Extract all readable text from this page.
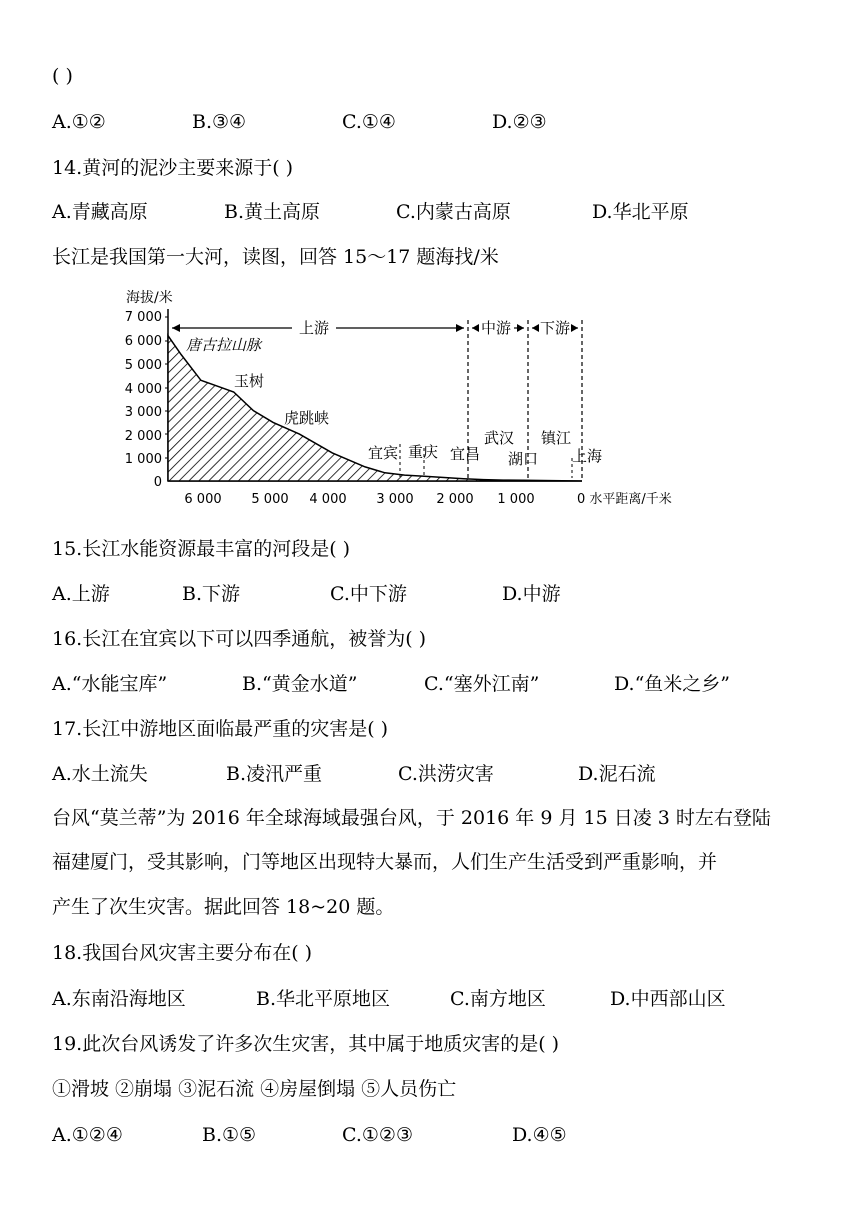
( )
A.①②	B.③④	C.①④	D.②③
14.黄河的泥沙主要来源于( )
A.青藏高原	B.黄土高原	C.内蒙古高原	D.华北平原
长江是我国第一大河，读图，回答 15～17 题海找/米
海拔/米
7 000
6 000
5 000
4 000
3 000
2 000
1 000
0
6 000 5 000 4 000 3 000 2 000 1 000	0 水平距离/千米
上游	中游 下游
唐古拉山脉
玉树
虎跳峡
宜宾 重庆 宜昌
武汉
湖口
镇江
上海
15.长江水能资源最丰富的河段是( )
A.上游	B.下游	C.中下游	D.中游
16.长江在宜宾以下可以四季通航，被誉为( )
A.“水能宝库”	B.“黄金水道”	C.“塞外江南”	D.“鱼米之乡”
17.长江中游地区面临最严重的灾害是( )
A.水土流失	B.凌汛严重	C.洪涝灾害	D.泥石流
台风“莫兰蒂”为 2016 年全球海域最强台风，于 2016 年 9 月 15 日凌 3 时左右登陆
福建厦门，受其影响，门等地区出现特大暴而，人们生产生活受到严重影响，并
产生了次生灾害。据此回答 18~20 题。
18.我国台风灾害主要分布在( )
A.东南沿海地区	B.华北平原地区	C.南方地区	D.中西部山区
19.此次台风诱发了许多次生灾害，其中属于地质灾害的是( )
①滑坡 ②崩塌 ③泥石流 ④房屋倒塌 ⑤人员伤亡
A.①②④	B.①⑤	C.①②③	D.④⑤
